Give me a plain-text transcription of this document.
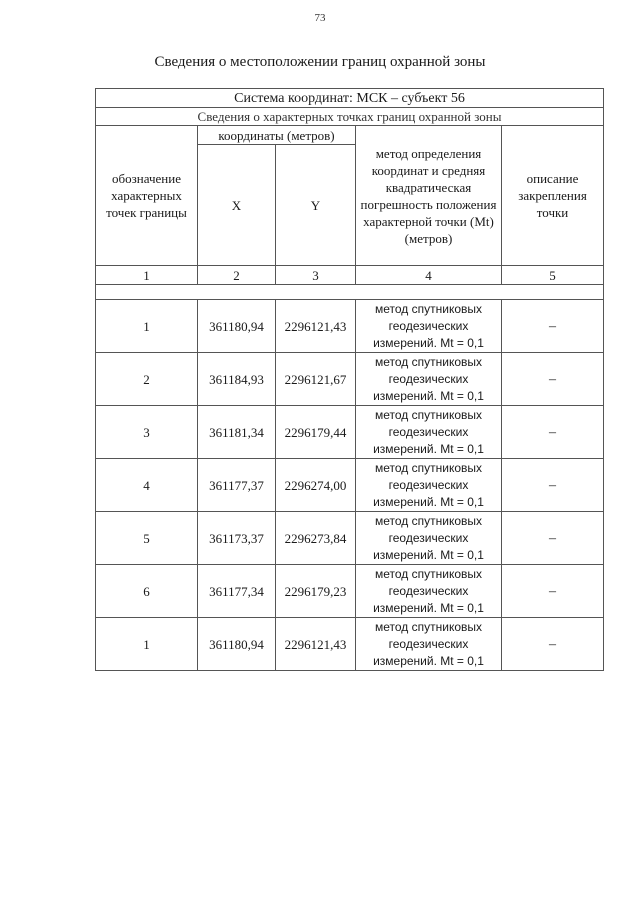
73
Сведения о местоположении границ охранной зоны
Система координат: МСК – субъект 56				
Сведения о характерных точках границ охранной зоны				
обозначение характерных точек границы	координаты (метров)		метод определения координат и средняя квадратическая погрешность положения характерной точки (Mt) (метров)	описание закрепления точки
	X	Y		
1	2	3	4	5

1	361180,94	2296121,43	метод спутниковых геодезических измерений. Mt = 0,1	–
2	361184,93	2296121,67	метод спутниковых геодезических измерений. Mt = 0,1	–
3	361181,34	2296179,44	метод спутниковых геодезических измерений. Mt = 0,1	–
4	361177,37	2296274,00	метод спутниковых геодезических измерений. Mt = 0,1	–
5	361173,37	2296273,84	метод спутниковых геодезических измерений. Mt = 0,1	–
6	361177,34	2296179,23	метод спутниковых геодезических измерений. Mt = 0,1	–
1	361180,94	2296121,43	метод спутниковых геодезических измерений. Mt = 0,1	–
